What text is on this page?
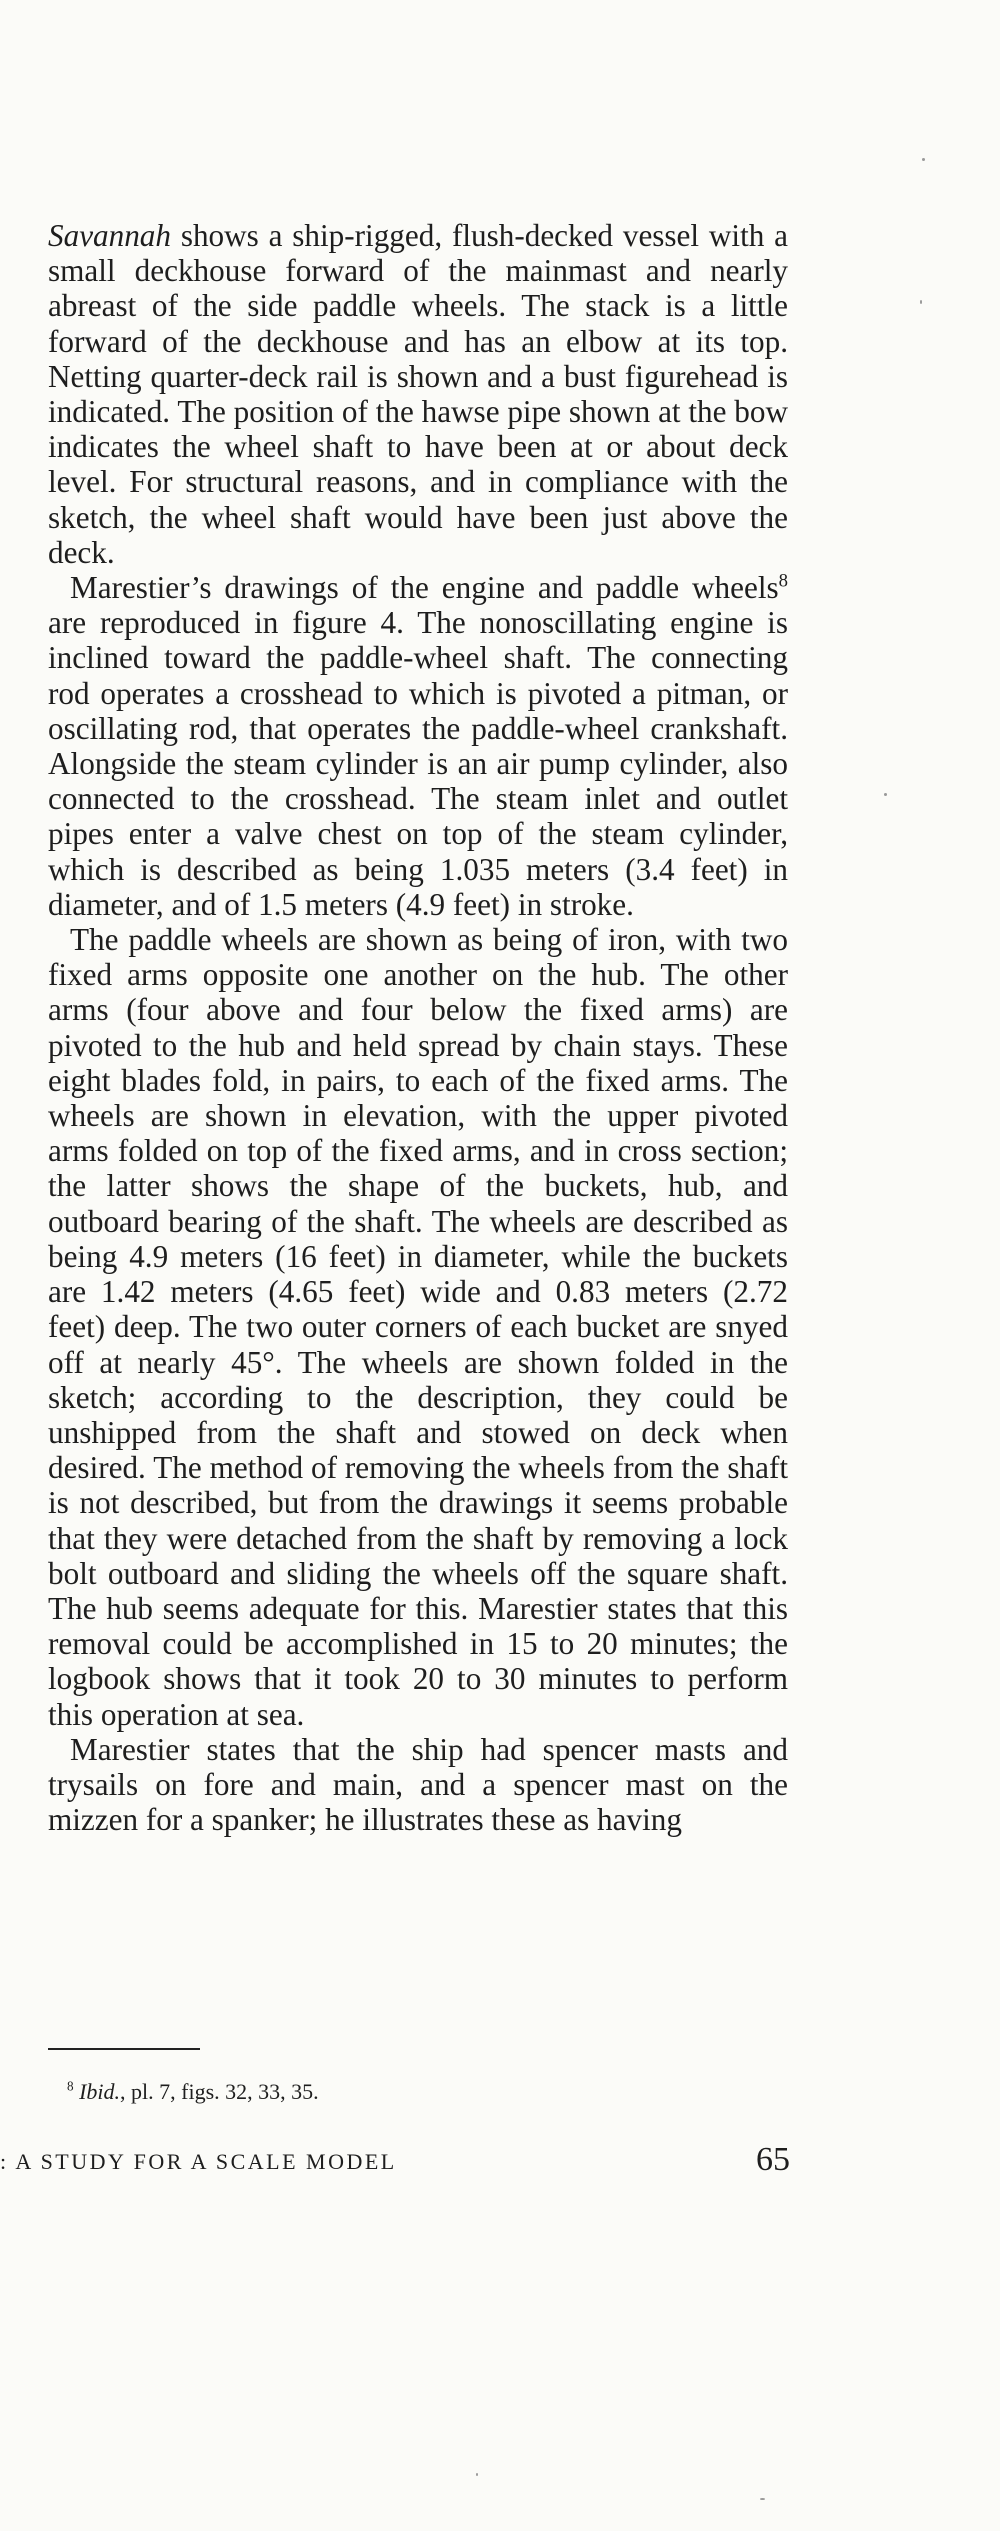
Savannah shows a ship-rigged, flush-decked vessel with a small deckhouse forward of the mainmast and nearly abreast of the side paddle wheels. The stack is a little forward of the deckhouse and has an elbow at its top. Netting quarter-deck rail is shown and a bust figurehead is indicated. The position of the hawse pipe shown at the bow indicates the wheel shaft to have been at or about deck level. For structural reasons, and in compliance with the sketch, the wheel shaft would have been just above the deck.

Marestier’s drawings of the engine and paddle wheels$^8$ are reproduced in figure 4. The nonoscillating engine is inclined toward the paddle-wheel shaft. The connecting rod operates a crosshead to which is pivoted a pitman, or oscillating rod, that operates the paddle-wheel crankshaft. Alongside the steam cylinder is an air pump cylinder, also connected to the crosshead. The steam inlet and outlet pipes enter a valve chest on top of the steam cylinder, which is described as being 1.035 meters (3.4 feet) in diameter, and of 1.5 meters (4.9 feet) in stroke.

The paddle wheels are shown as being of iron, with two fixed arms opposite one another on the hub. The other arms (four above and four below the fixed arms) are pivoted to the hub and held spread by chain stays. These eight blades fold, in pairs, to each of the fixed arms. The wheels are shown in elevation, with the upper pivoted arms folded on top of the fixed arms, and in cross section; the latter shows the shape of the buckets, hub, and outboard bearing of the shaft. The wheels are described as being 4.9 meters (16 feet) in diameter, while the buckets are 1.42 meters (4.65 feet) wide and 0.83 meters (2.72 feet) deep. The two outer corners of each bucket are snyed off at nearly 45°. The wheels are shown folded in the sketch; according to the description, they could be unshipped from the shaft and stowed on deck when desired. The method of removing the wheels from the shaft is not described, but from the drawings it seems probable that they were detached from the shaft by removing a lock bolt outboard and sliding the wheels off the square shaft. The hub seems adequate for this. Marestier states that this removal could be accomplished in 15 to 20 minutes; the logbook shows that it took 20 to 30 minutes to perform this operation at sea.

Marestier states that the ship had spencer masts and trysails on fore and main, and a spencer mast on the mizzen for a spanker; he illustrates these as having

$^8$ Ibid., pl. 7, figs. 32, 33, 35.
: A STUDY FOR A SCALE MODEL	65
